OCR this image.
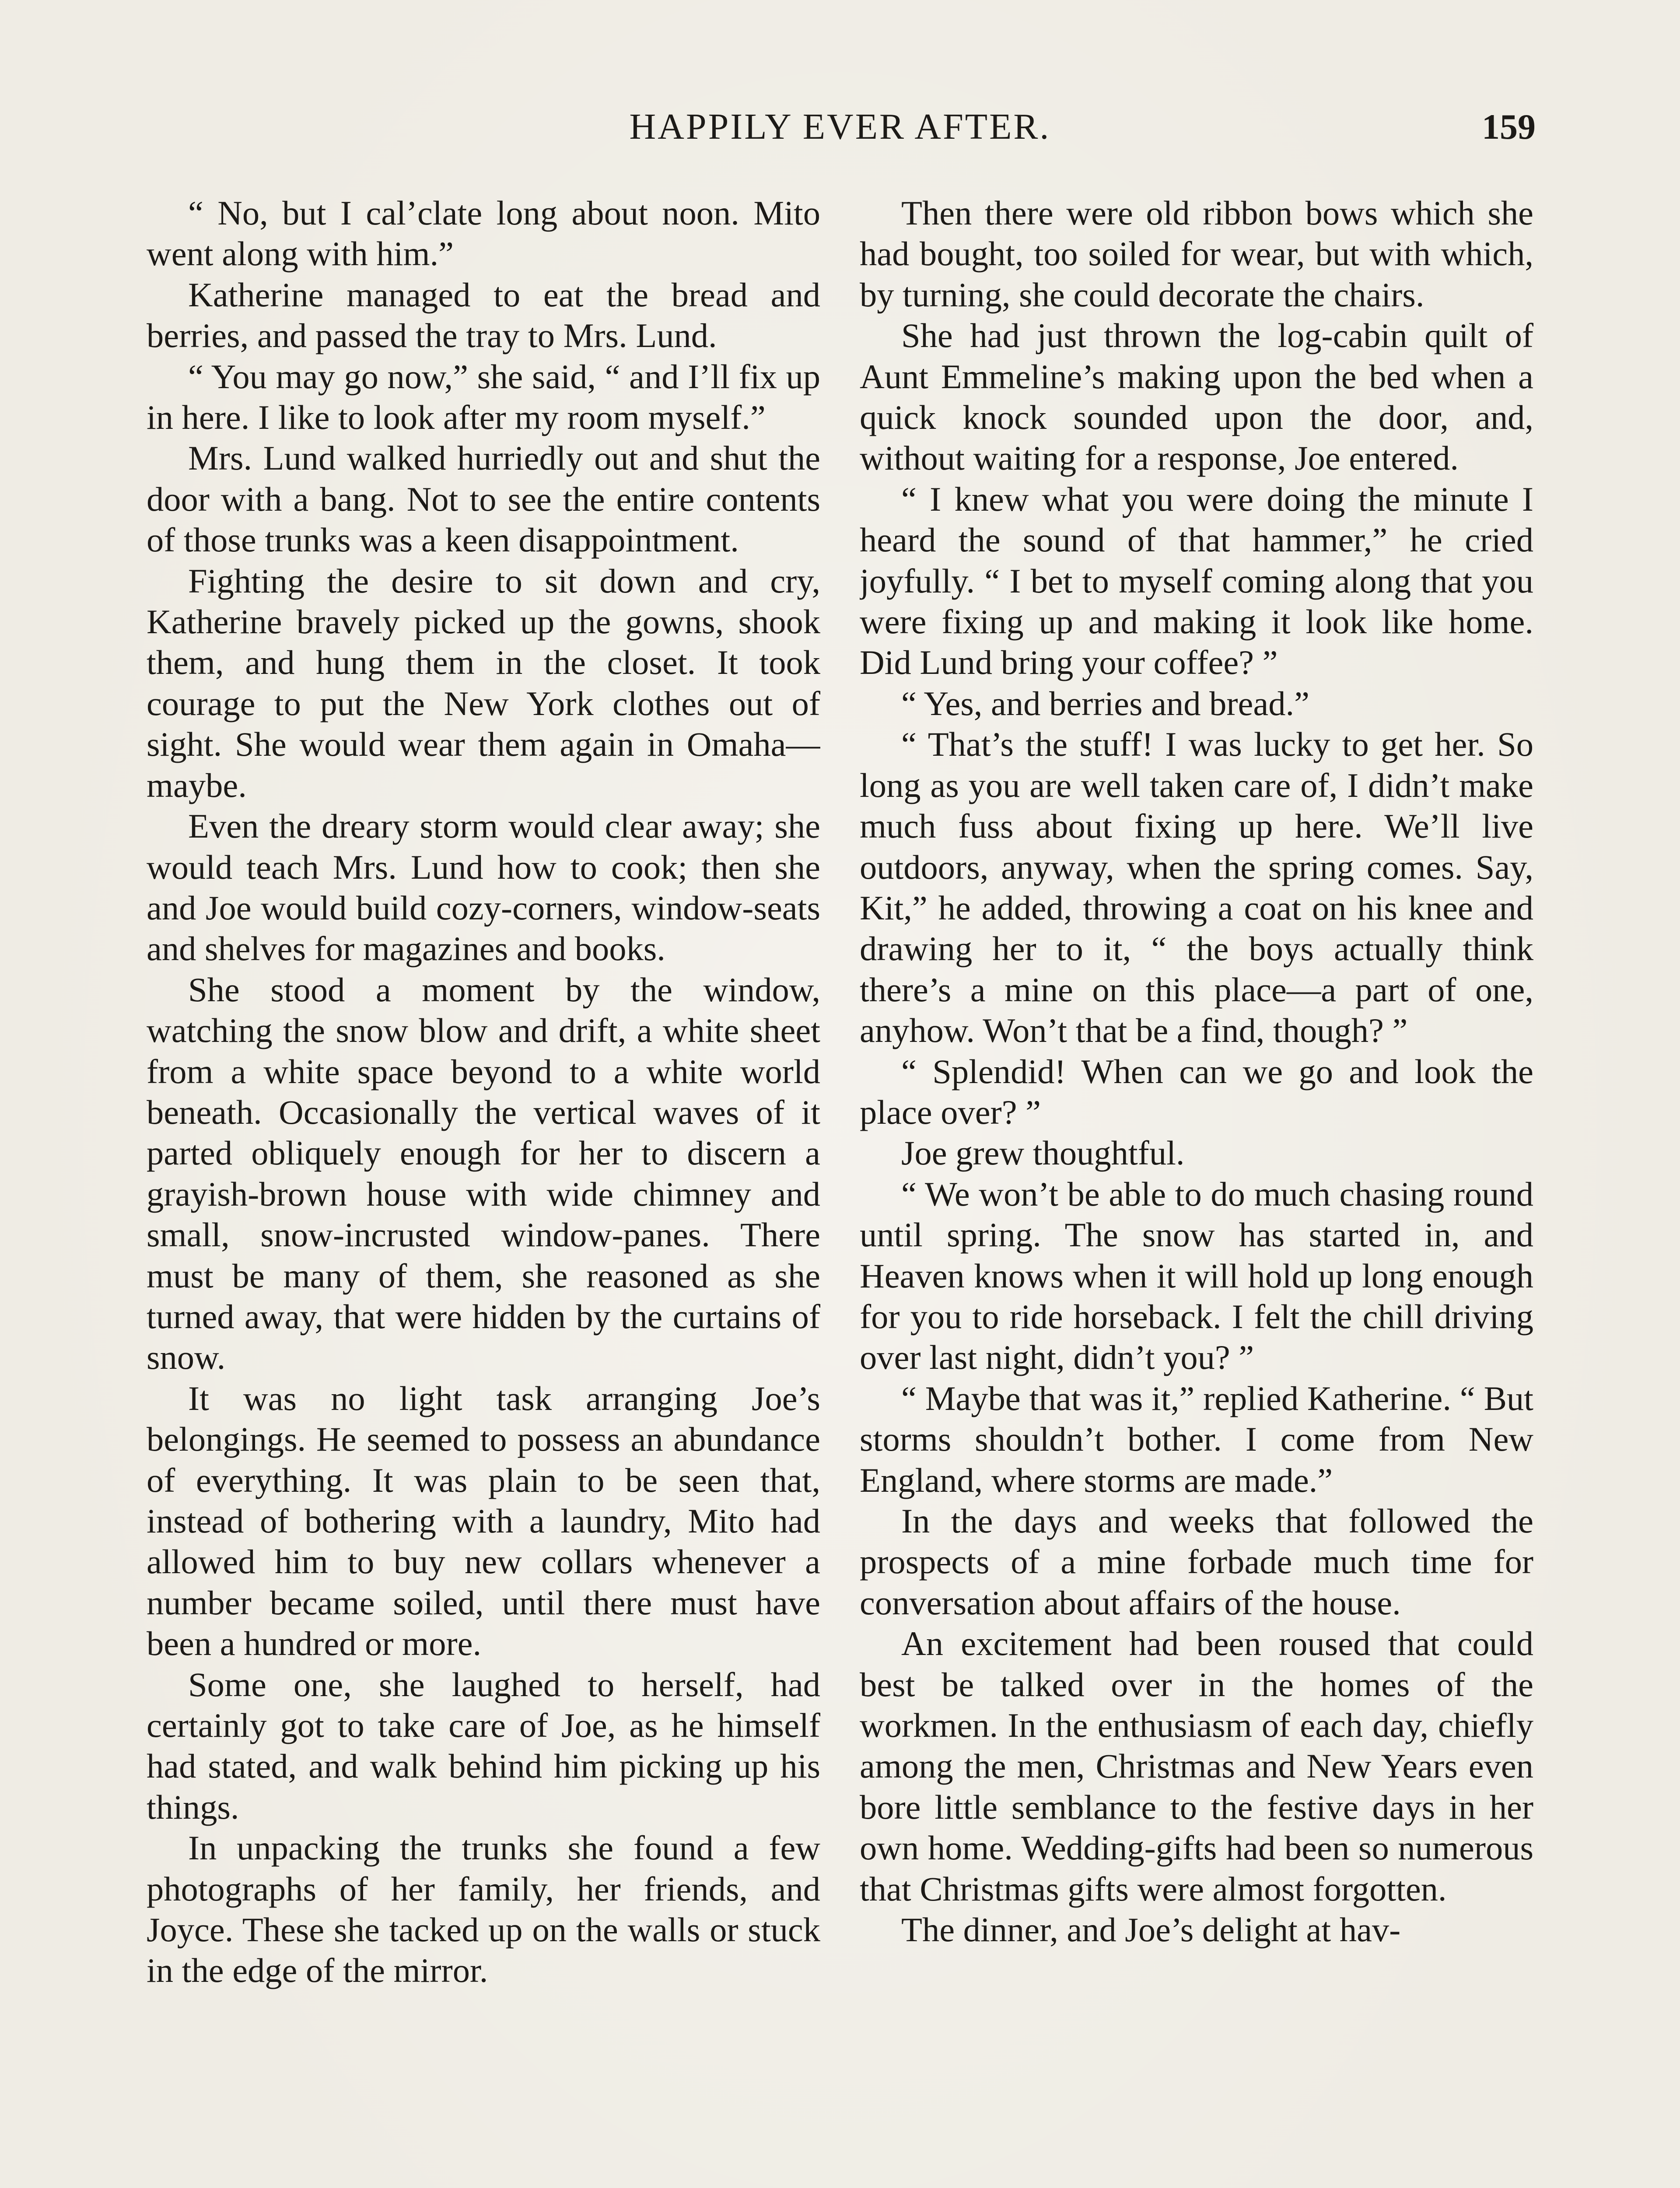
HAPPILY EVER AFTER.	159

“ No, but I cal’clate long about noon. Mito went along with him.”

Katherine managed to eat the bread and berries, and passed the tray to Mrs. Lund.

“ You may go now,” she said, “ and I’ll fix up in here. I like to look after my room myself.”

Mrs. Lund walked hurriedly out and shut the door with a bang. Not to see the entire contents of those trunks was a keen disappointment.

Fighting the desire to sit down and cry, Katherine bravely picked up the gowns, shook them, and hung them in the closet. It took courage to put the New York clothes out of sight. She would wear them again in Omaha—maybe.

Even the dreary storm would clear away; she would teach Mrs. Lund how to cook; then she and Joe would build cozy-corners, window-seats and shelves for magazines and books.

She stood a moment by the window, watching the snow blow and drift, a white sheet from a white space beyond to a white world beneath. Occasionally the vertical waves of it parted obliquely enough for her to discern a grayish-brown house with wide chimney and small, snow-incrusted window-panes. There must be many of them, she reasoned as she turned away, that were hidden by the curtains of snow.

It was no light task arranging Joe’s belongings. He seemed to possess an abundance of everything. It was plain to be seen that, instead of bothering with a laundry, Mito had allowed him to buy new collars whenever a number became soiled, until there must have been a hundred or more.

Some one, she laughed to herself, had certainly got to take care of Joe, as he himself had stated, and walk behind him picking up his things.

In unpacking the trunks she found a few photographs of her family, her friends, and Joyce. These she tacked up on the walls or stuck in the edge of the mirror.

Then there were old ribbon bows which she had bought, too soiled for wear, but with which, by turning, she could decorate the chairs.

She had just thrown the log-cabin quilt of Aunt Emmeline’s making upon the bed when a quick knock sounded upon the door, and, without waiting for a response, Joe entered.

“ I knew what you were doing the minute I heard the sound of that hammer,” he cried joyfully. “ I bet to myself coming along that you were fixing up and making it look like home. Did Lund bring your coffee? ”

“ Yes, and berries and bread.”

“ That’s the stuff! I was lucky to get her. So long as you are well taken care of, I didn’t make much fuss about fixing up here. We’ll live outdoors, anyway, when the spring comes. Say, Kit,” he added, throwing a coat on his knee and drawing her to it, “ the boys actually think there’s a mine on this place—a part of one, anyhow. Won’t that be a find, though? ”

“ Splendid! When can we go and look the place over? ”

Joe grew thoughtful.

“ We won’t be able to do much chasing round until spring. The snow has started in, and Heaven knows when it will hold up long enough for you to ride horseback. I felt the chill driving over last night, didn’t you? ”

“ Maybe that was it,” replied Katherine. “ But storms shouldn’t bother. I come from New England, where storms are made.”

In the days and weeks that followed the prospects of a mine forbade much time for conversation about affairs of the house.

An excitement had been roused that could best be talked over in the homes of the workmen. In the enthusiasm of each day, chiefly among the men, Christmas and New Years even bore little semblance to the festive days in her own home. Wedding-gifts had been so numerous that Christmas gifts were almost forgotten.

The dinner, and Joe’s delight at hav-
